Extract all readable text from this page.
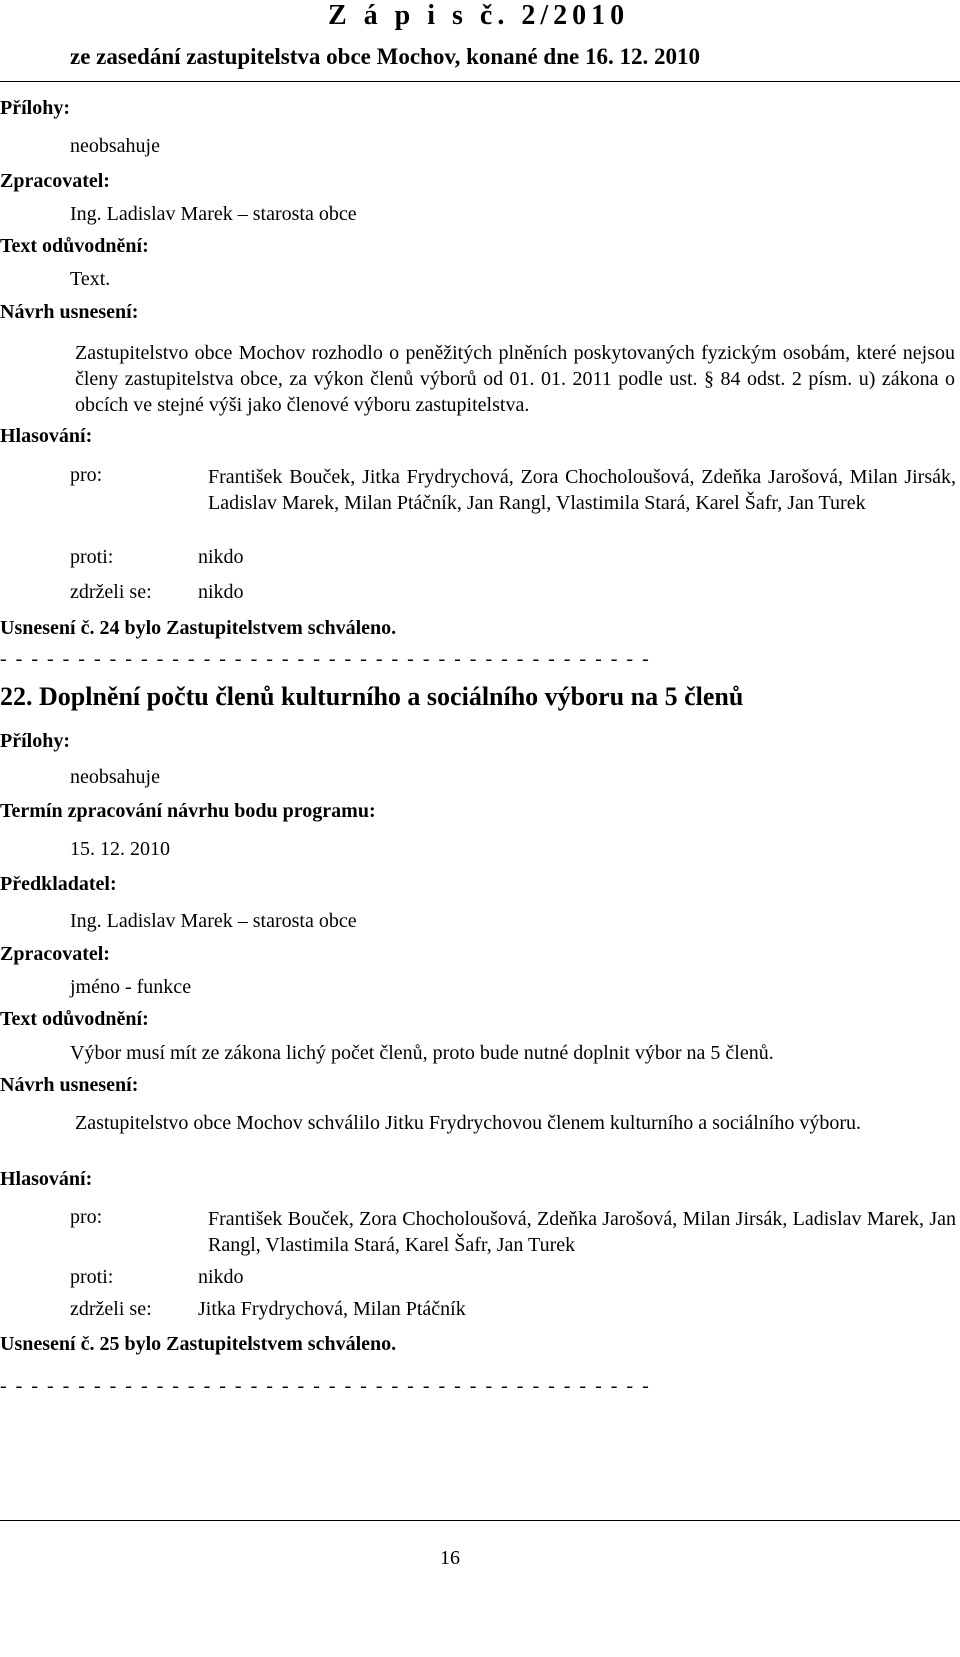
Z á p i s č. 2/2010
ze zasedání zastupitelstva obce Mochov, konané dne 16. 12. 2010
Přílohy:
neobsahuje
Zpracovatel:
Ing. Ladislav Marek – starosta obce
Text odůvodnění:
Text.
Návrh usnesení:
Zastupitelstvo obce Mochov rozhodlo o peněžitých plněních poskytovaných fyzickým osobám, které nejsou členy zastupitelstva obce, za výkon členů výborů od 01. 01. 2011 podle ust. § 84 odst. 2 písm. u) zákona o obcích ve stejné výši jako členové výboru zastupitelstva.
Hlasování:
pro:	František Bouček, Jitka Frydrychová, Zora Chocholoušová, Zdeňka Jarošová, Milan Jirsák, Ladislav Marek, Milan Ptáčník, Jan Rangl, Vlastimila Stará, Karel Šafr, Jan Turek
proti:	nikdo
zdrželi se: nikdo
Usnesení č. 24 bylo Zastupitelstvem schváleno.
- - - - - - - - - - - - - - - - - - - - - - - - - - - - - - - - - - - - - - - - - -
22. Doplnění počtu členů kulturního a sociálního výboru na 5 členů
Přílohy:
neobsahuje
Termín zpracování návrhu bodu programu:
15. 12. 2010
Předkladatel:
Ing. Ladislav Marek – starosta obce
Zpracovatel:
jméno - funkce
Text odůvodnění:
Výbor musí mít ze zákona lichý počet členů, proto bude nutné doplnit výbor na 5 členů.
Návrh usnesení:
Zastupitelstvo obce Mochov schválilo Jitku Frydrychovou členem kulturního a sociálního výboru.
Hlasování:
pro:	František Bouček, Zora Chocholoušová, Zdeňka Jarošová, Milan Jirsák, Ladislav Marek, Jan Rangl, Vlastimila Stará, Karel Šafr, Jan Turek
proti:	nikdo
zdrželi se: Jitka Frydrychová, Milan Ptáčník
Usnesení č. 25 bylo Zastupitelstvem schváleno.
- - - - - - - - - - - - - - - - - - - - - - - - - - - - - - - - - - - - - - - - - -
16
